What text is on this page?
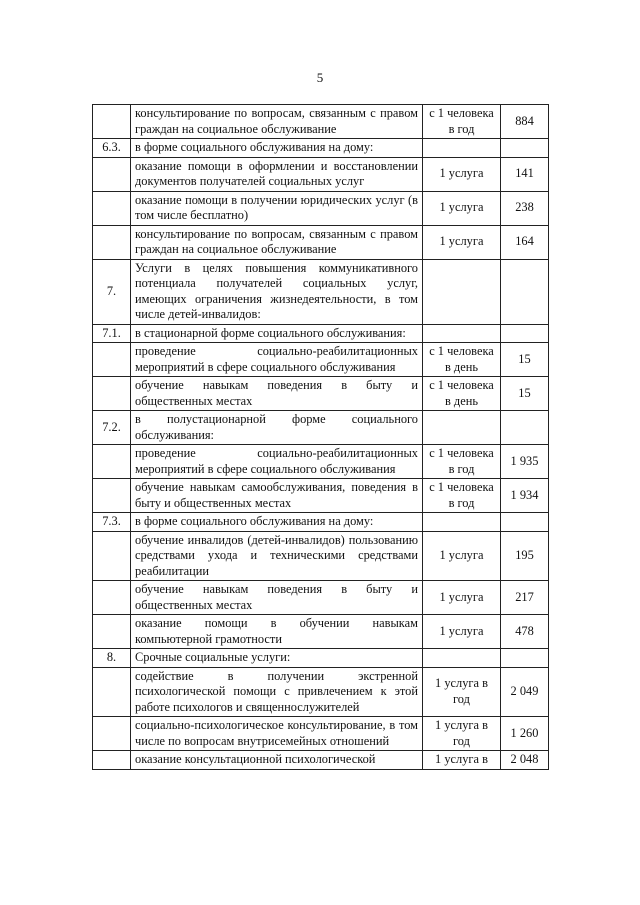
5
	консультирование по вопросам, связанным с правом граждан на социальное обслуживание	с 1 человека в год	884
6.3.	в форме социального обслуживания на дому:		
	оказание помощи в оформлении и восстановлении документов получателей социальных услуг	1 услуга	141
	оказание помощи в получении юридических услуг (в том числе бесплатно)	1 услуга	238
	консультирование по вопросам, связанным с правом граждан на социальное обслуживание	1 услуга	164
7.	Услуги в целях повышения коммуникативного потенциала получателей социальных услуг, имеющих ограничения жизнедеятельности, в том числе детей-инвалидов:		
7.1.	в стационарной форме социального обслуживания:		
	проведение социально-реабилитационных мероприятий в сфере социального обслуживания	с 1 человека в день	15
	обучение навыкам поведения в быту и общественных местах	с 1 человека в день	15
7.2.	в полустационарной форме социального обслуживания:		
	проведение социально-реабилитационных мероприятий в сфере социального обслуживания	с 1 человека в год	1 935
	обучение навыкам самообслуживания, поведения в быту и общественных местах	с 1 человека в год	1 934
7.3.	в форме социального обслуживания на дому:		
	обучение инвалидов (детей-инвалидов) пользованию средствами ухода и техническими средствами реабилитации	1 услуга	195
	обучение навыкам поведения в быту и общественных местах	1 услуга	217
	оказание помощи в обучении навыкам компьютерной грамотности	1 услуга	478
8.	Срочные социальные услуги:		
	содействие в получении экстренной психологической помощи с привлечением к этой работе психологов и священнослужителей	1 услуга в год	2 049
	социально-психологическое консультирование, в том числе по вопросам внутрисемейных отношений	1 услуга в год	1 260
	оказание консультационной психологической	1 услуга в	2 048
